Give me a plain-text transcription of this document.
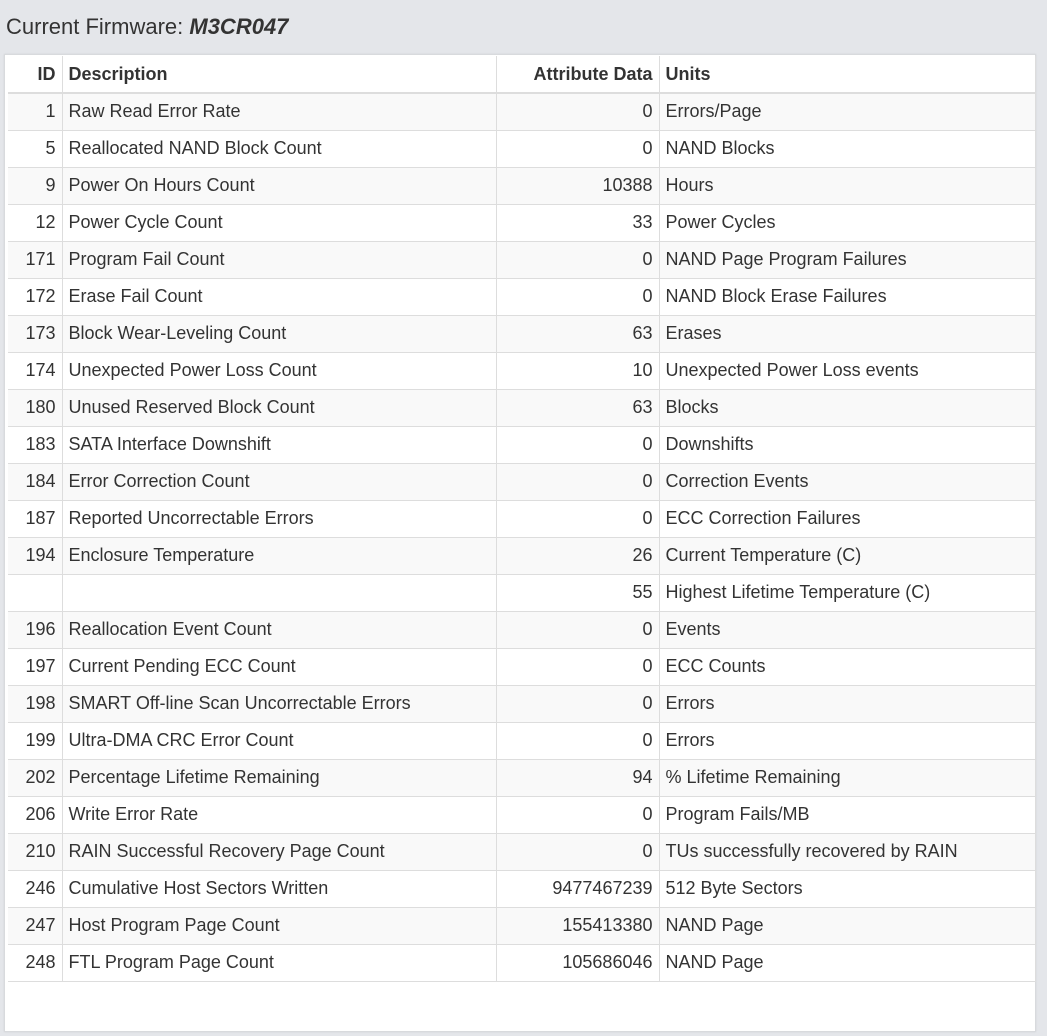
Current Firmware: M3CR047
ID	Description	Attribute Data	Units
1	Raw Read Error Rate	0	Errors/Page
5	Reallocated NAND Block Count	0	NAND Blocks
9	Power On Hours Count	10388	Hours
12	Power Cycle Count	33	Power Cycles
171	Program Fail Count	0	NAND Page Program Failures
172	Erase Fail Count	0	NAND Block Erase Failures
173	Block Wear-Leveling Count	63	Erases
174	Unexpected Power Loss Count	10	Unexpected Power Loss events
180	Unused Reserved Block Count	63	Blocks
183	SATA Interface Downshift	0	Downshifts
184	Error Correction Count	0	Correction Events
187	Reported Uncorrectable Errors	0	ECC Correction Failures
194	Enclosure Temperature	26	Current Temperature (C)
		55	Highest Lifetime Temperature (C)
196	Reallocation Event Count	0	Events
197	Current Pending ECC Count	0	ECC Counts
198	SMART Off-line Scan Uncorrectable Errors	0	Errors
199	Ultra-DMA CRC Error Count	0	Errors
202	Percentage Lifetime Remaining	94	% Lifetime Remaining
206	Write Error Rate	0	Program Fails/MB
210	RAIN Successful Recovery Page Count	0	TUs successfully recovered by RAIN
246	Cumulative Host Sectors Written	9477467239	512 Byte Sectors
247	Host Program Page Count	155413380	NAND Page
248	FTL Program Page Count	105686046	NAND Page
